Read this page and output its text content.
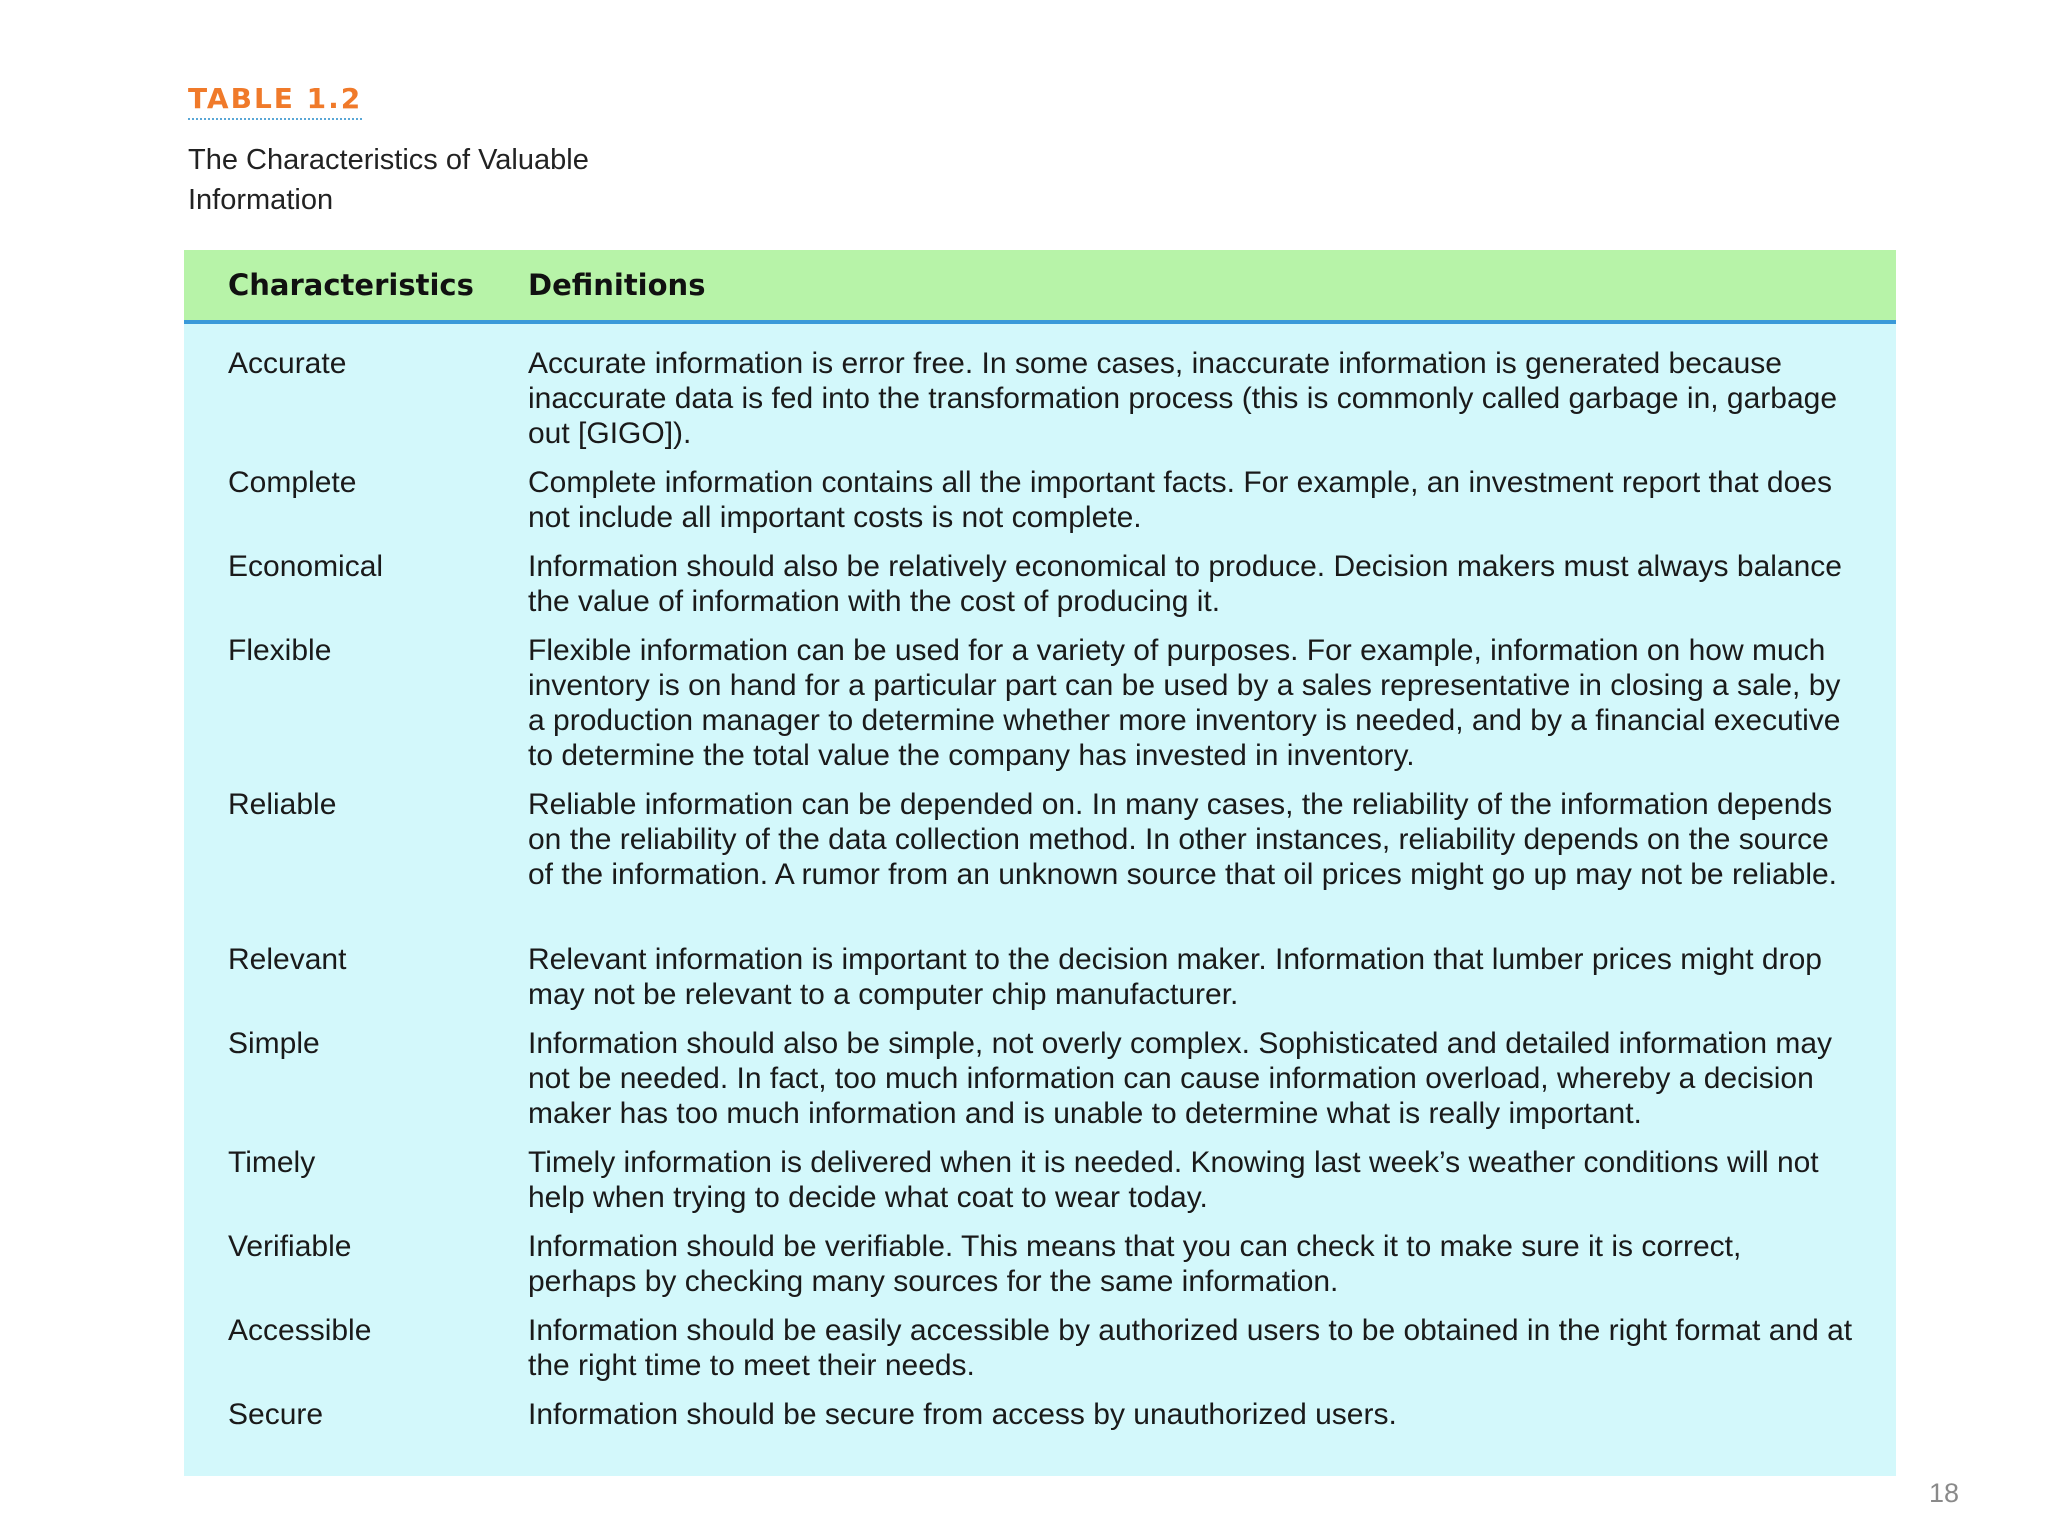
TABLE 1.2
The Characteristics of Valuable Information
Characteristics Definitions
Accurate	Accurate information is error free. In some cases, inaccurate information is generated because inaccurate data is fed into the transformation process (this is commonly called garbage in, garbage out [GIGO]).
Complete	Complete information contains all the important facts. For example, an investment report that does not include all important costs is not complete.
Economical	Information should also be relatively economical to produce. Decision makers must always balance the value of information with the cost of producing it.
Flexible	Flexible information can be used for a variety of purposes. For example, information on how much inventory is on hand for a particular part can be used by a sales representative in closing a sale, by a production manager to determine whether more inventory is needed, and by a financial executive to determine the total value the company has invested in inventory.
Reliable	Reliable information can be depended on. In many cases, the reliability of the information depends on the reliability of the data collection method. In other instances, reliability depends on the source of the information. A rumor from an unknown source that oil prices might go up may not be reliable.
Relevant	Relevant information is important to the decision maker. Information that lumber prices might drop may not be relevant to a computer chip manufacturer.
Simple	Information should also be simple, not overly complex. Sophisticated and detailed information may not be needed. In fact, too much information can cause information overload, whereby a decision maker has too much information and is unable to determine what is really important.
Timely	Timely information is delivered when it is needed. Knowing last week’s weather conditions will not help when trying to decide what coat to wear today.
Verifiable	Information should be verifiable. This means that you can check it to make sure it is correct, perhaps by checking many sources for the same information.
Accessible	Information should be easily accessible by authorized users to be obtained in the right format and at the right time to meet their needs.
Secure	Information should be secure from access by unauthorized users.
18
